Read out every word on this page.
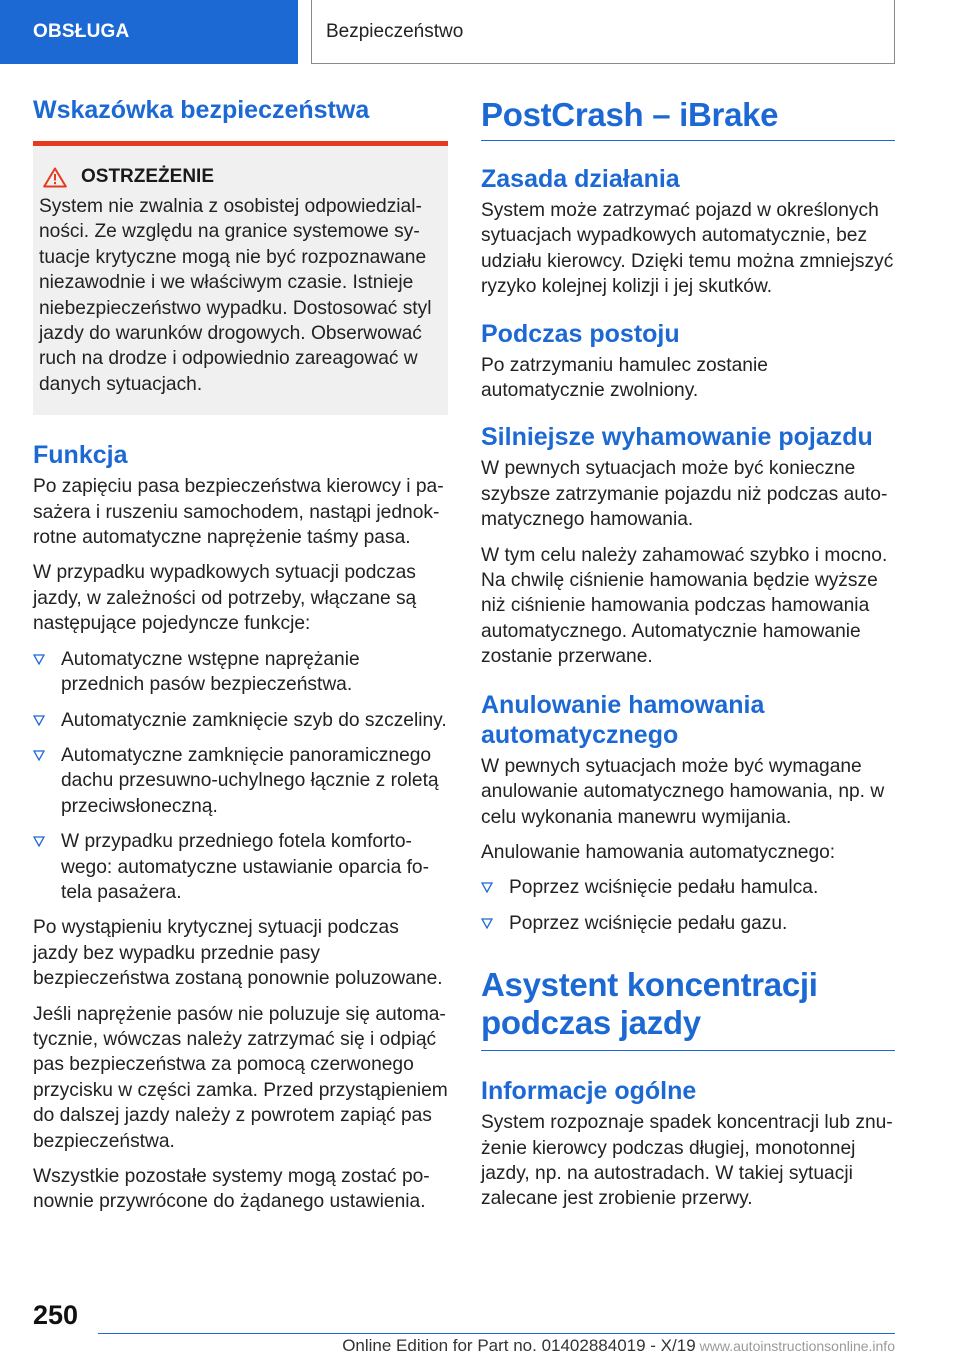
OBSŁUGA	Bezpieczeństwo
Wskazówka bezpieczeństwa
OSTRZEŻENIE

System nie zwalnia z osobistej odpowiedzialności. Ze względu na granice systemowe sytuacje krytyczne mogą nie być rozpoznawane niezawodnie i we właściwym czasie. Istnieje niebezpieczeństwo wypadku. Dostosować styl jazdy do warunków drogowych. Obserwować ruch na drodze i odpowiednio zareagować w danych sytuacjach.

Funkcja

Po zapięciu pasa bezpieczeństwa kierowcy i pasażera i ruszeniu samochodem, nastąpi jednokrotne automatyczne naprężenie taśmy pasa.

W przypadku wypadkowych sytuacji podczas jazdy, w zależności od potrzeby, włączane są następujące pojedyncze funkcje:

Automatyczne wstępne naprężanie przednich pasów bezpieczeństwa.
Automatycznie zamknięcie szyb do szczeliny.
Automatyczne zamknięcie panoramicznego dachu przesuwno-uchylnego łącznie z roletą przeciwsłoneczną.
W przypadku przedniego fotela komfortowego: automatyczne ustawianie oparcia fotela pasażera.

Po wystąpieniu krytycznej sytuacji podczas jazdy bez wypadku przednie pasy bezpieczeństwa zostaną ponownie poluzowane.

Jeśli naprężenie pasów nie poluzuje się automatycznie, wówczas należy zatrzymać się i odpiąć pas bezpieczeństwa za pomocą czerwonego przycisku w części zamka. Przed przystąpieniem do dalszej jazdy należy z powrotem zapiąć pas bezpieczeństwa.

Wszystkie pozostałe systemy mogą zostać ponownie przywrócone do żądanego ustawienia.

PostCrash – iBrake
Zasada działania

System może zatrzymać pojazd w określonych sytuacjach wypadkowych automatycznie, bez udziału kierowcy. Dzięki temu można zmniejszyć ryzyko kolejnej kolizji i jej skutków.

Podczas postoju

Po zatrzymaniu hamulec zostanie automatycznie zwolniony.

Silniejsze wyhamowanie pojazdu

W pewnych sytuacjach może być konieczne szybsze zatrzymanie pojazdu niż podczas automatycznego hamowania.

W tym celu należy zahamować szybko i mocno. Na chwilę ciśnienie hamowania będzie wyższe niż ciśnienie hamowania podczas hamowania automatycznego. Automatycznie hamowanie zostanie przerwane.

Anulowanie hamowania automatycznego

W pewnych sytuacjach może być wymagane anulowanie automatycznego hamowania, np. w celu wykonania manewru wymijania.

Anulowanie hamowania automatycznego:

Poprzez wciśnięcie pedału hamulca.
Poprzez wciśnięcie pedału gazu.
Asystent koncentracji podczas jazdy
Informacje ogólne

System rozpoznaje spadek koncentracji lub znużenie kierowcy podczas długiej, monotonnej jazdy, np. na autostradach. W takiej sytuacji zalecane jest zrobienie przerwy.

250
Online Edition for Part no. 01402884019 - X/19 www.autoinstructionsonline.info
